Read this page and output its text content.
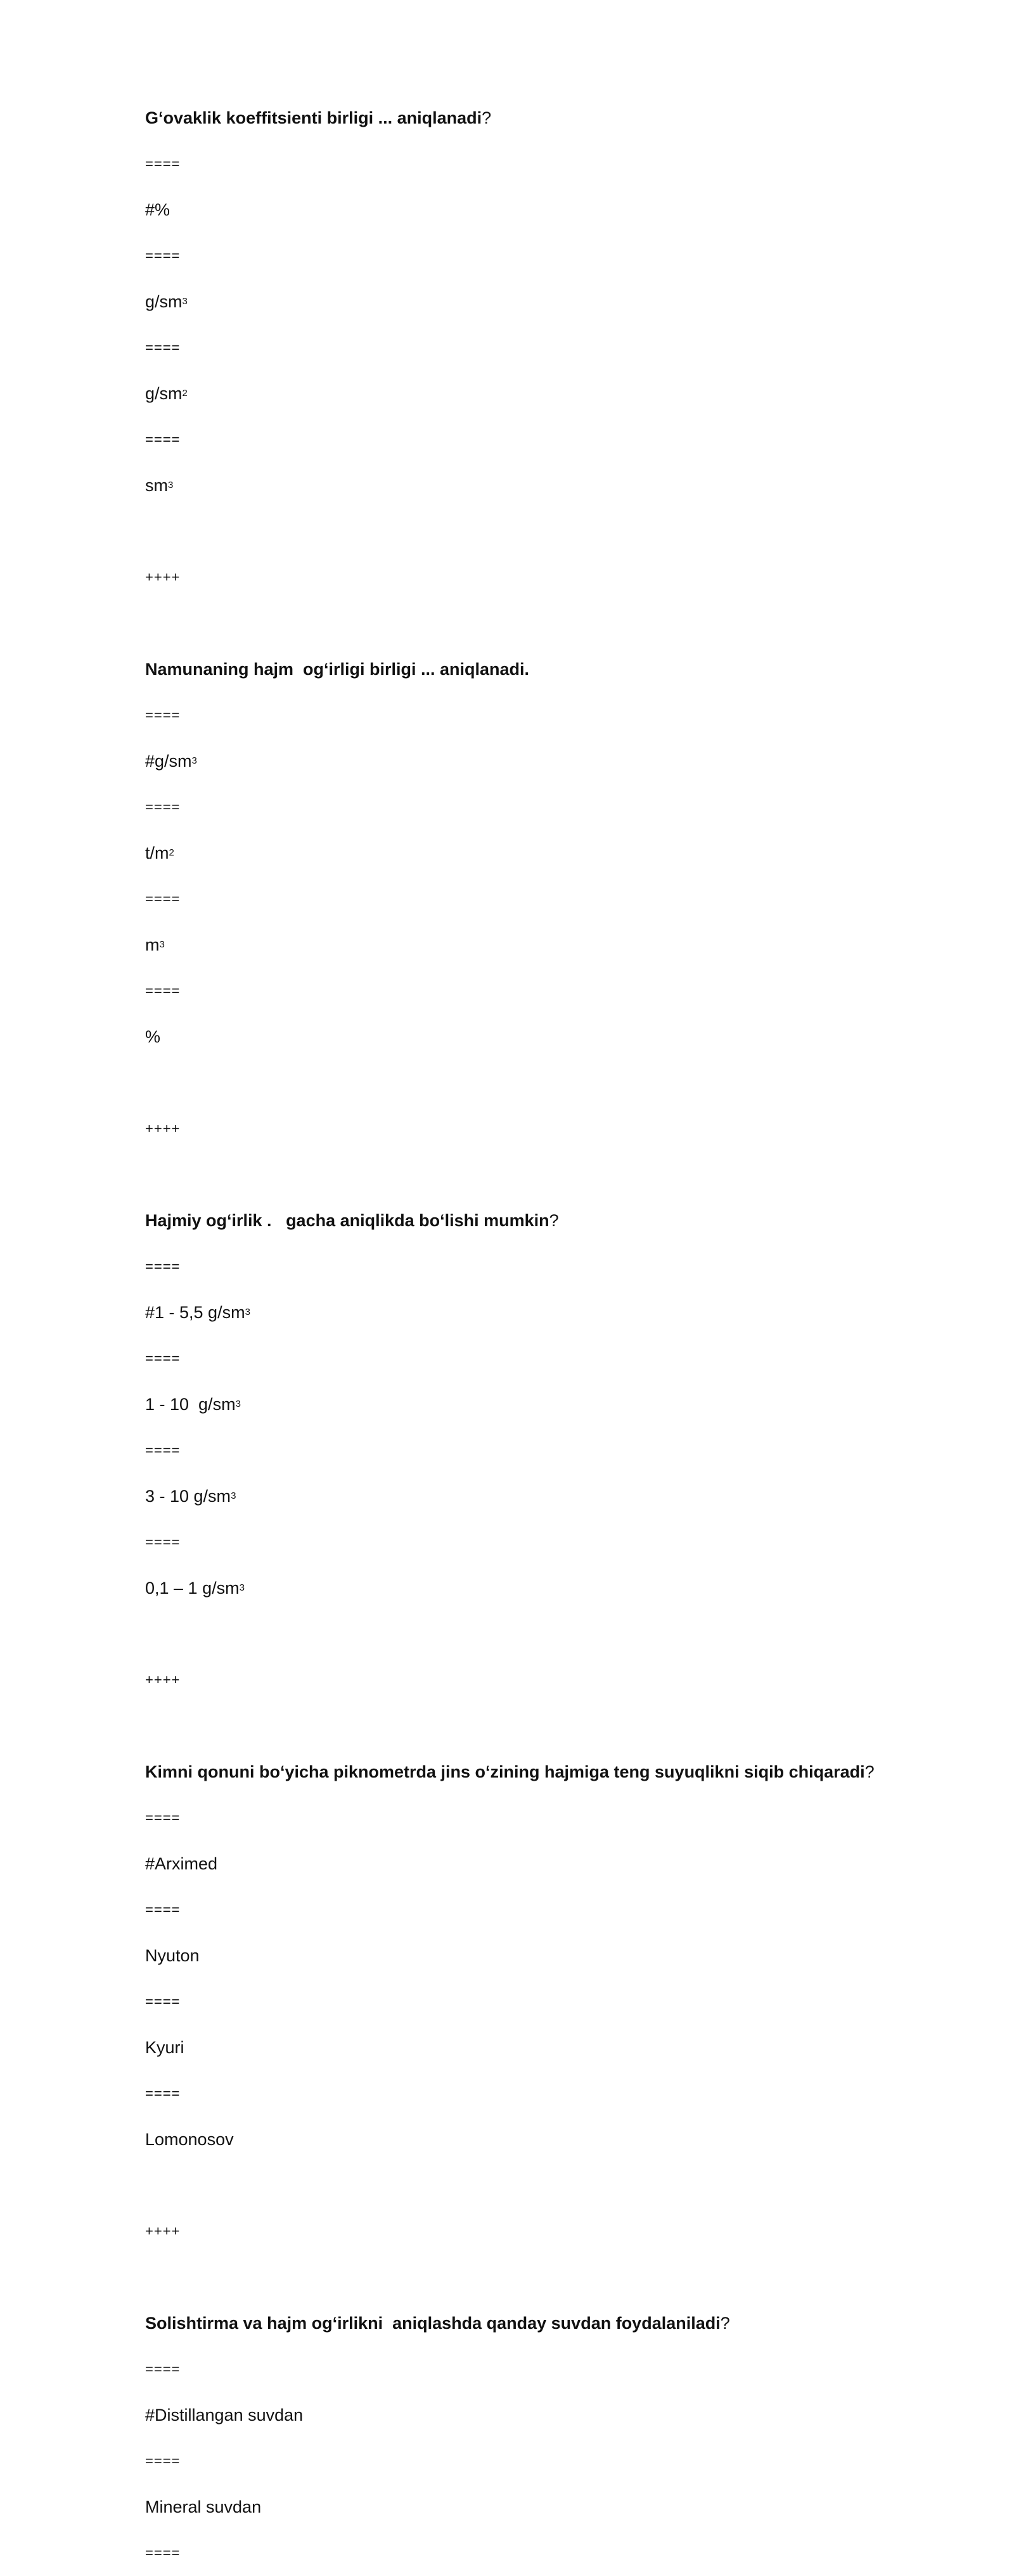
G‘ovaklik koeffitsienti birligi ... aniqlanadi ?
====
#%
====
g/sm 3
====
g/sm 2
====
sm 3
++++
Namunaning hajm  og‘irligi birligi ... aniqlanadi.
====
#g/sm 3
====
t/m 2
====
m 3
====
%
++++
Hajmiy og‘irlik .   gacha aniqlikda bo‘lishi mumkin ?
====
#1 - 5,5 g/sm 3
====
1 - 10  g/sm 3
====
3 - 10 g/sm 3
====
0,1 – 1 g/sm 3
++++
Kimni qonuni bo‘yicha piknometrda jins o‘zining hajmiga teng suyuqlikni siqib chiqaradi ?
====
#Arximed
====
Nyuton
====
Kyuri
====
Lomonosov
++++
Solishtirma va hajm og‘irlikni  aniqlashda qanday suvdan foydalaniladi ?
====
#Distillangan suvdan
====
Mineral suvdan
====
